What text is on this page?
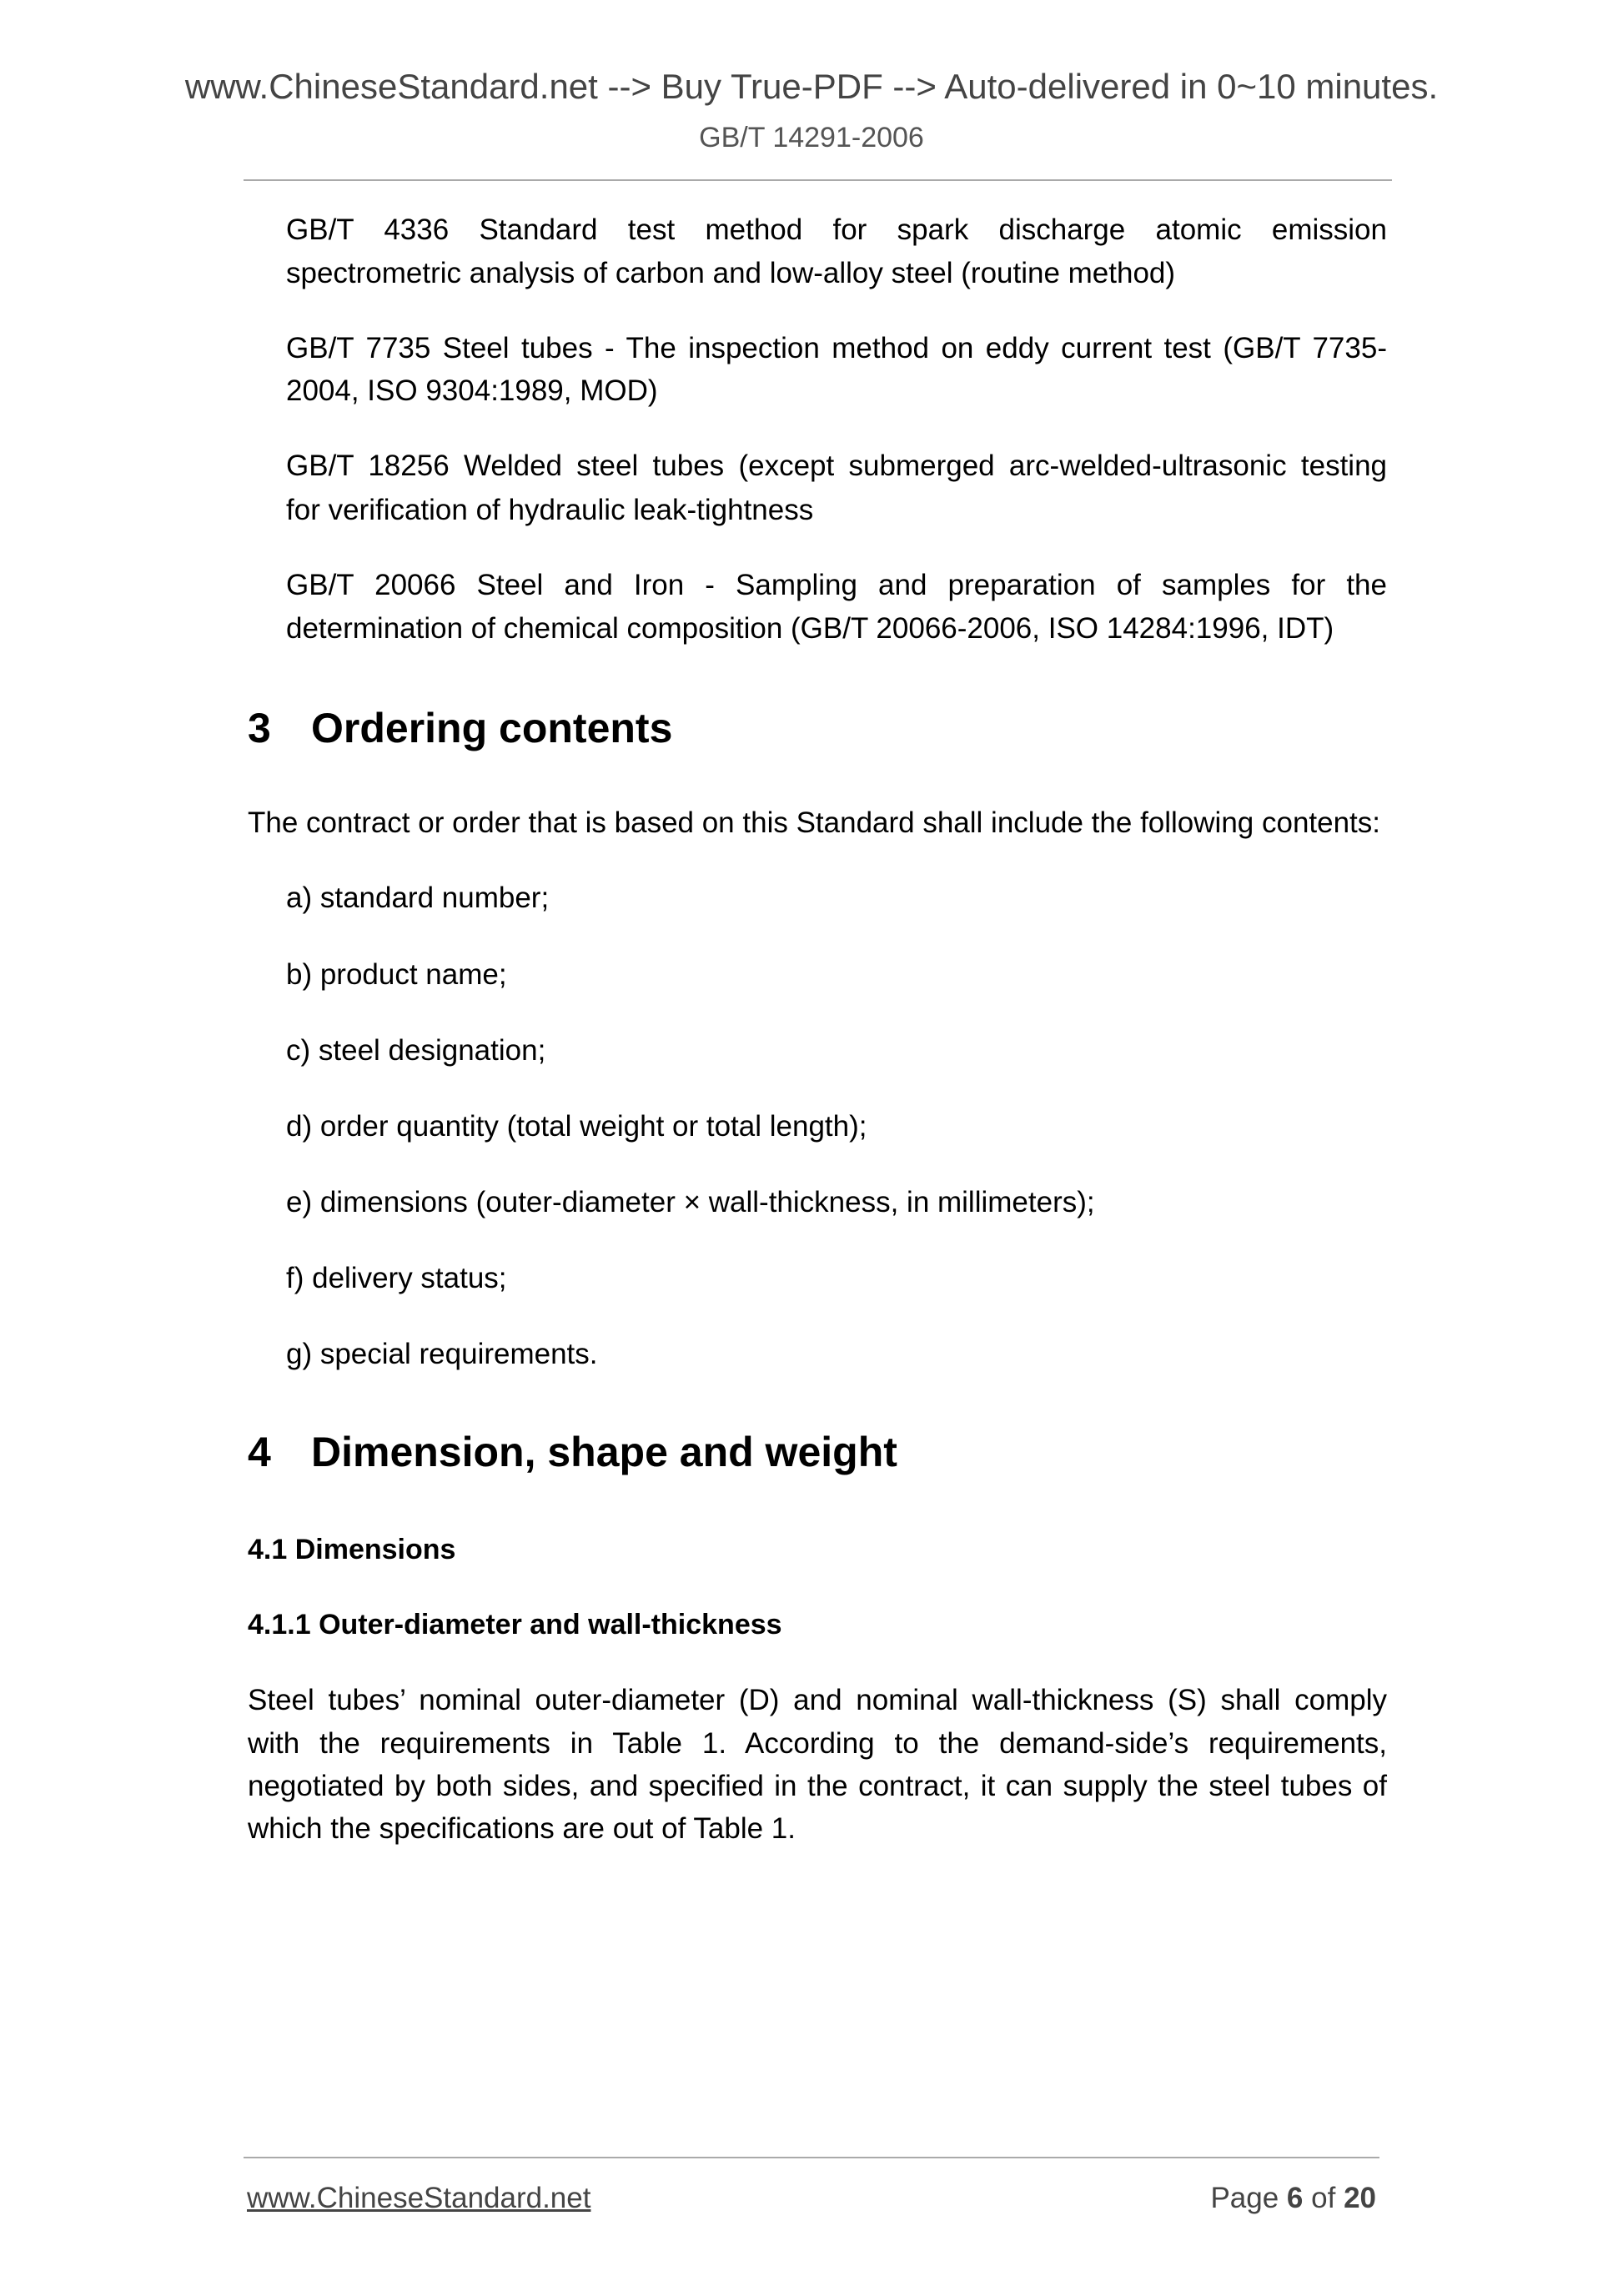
www.ChineseStandard.net --> Buy True-PDF --> Auto-delivered in 0~10 minutes.
GB/T 14291-2006
GB/T 4336 Standard test method for spark discharge atomic emission
spectrometric analysis of carbon and low-alloy steel (routine method)
GB/T 7735 Steel tubes - The inspection method on eddy current test (GB/T 7735-
2004, ISO 9304:1989, MOD)
GB/T 18256 Welded steel tubes (except submerged arc-welded-ultrasonic testing
for verification of hydraulic leak-tightness
GB/T 20066 Steel and Iron - Sampling and preparation of samples for the
determination of chemical composition (GB/T 20066-2006, ISO 14284:1996, IDT)
3 Ordering contents
The contract or order that is based on this Standard shall include the following contents:
a) standard number;
b) product name;
c) steel designation;
d) order quantity (total weight or total length);
e) dimensions (outer-diameter × wall-thickness, in millimeters);
f) delivery status;
g) special requirements.
4 Dimension, shape and weight
4.1 Dimensions
4.1.1 Outer-diameter and wall-thickness
Steel tubes’ nominal outer-diameter (D) and nominal wall-thickness (S) shall comply
with the requirements in Table 1. According to the demand-side’s requirements,
negotiated by both sides, and specified in the contract, it can supply the steel tubes of
which the specifications are out of Table 1.
www.ChineseStandard.net	Page 6 of 20
